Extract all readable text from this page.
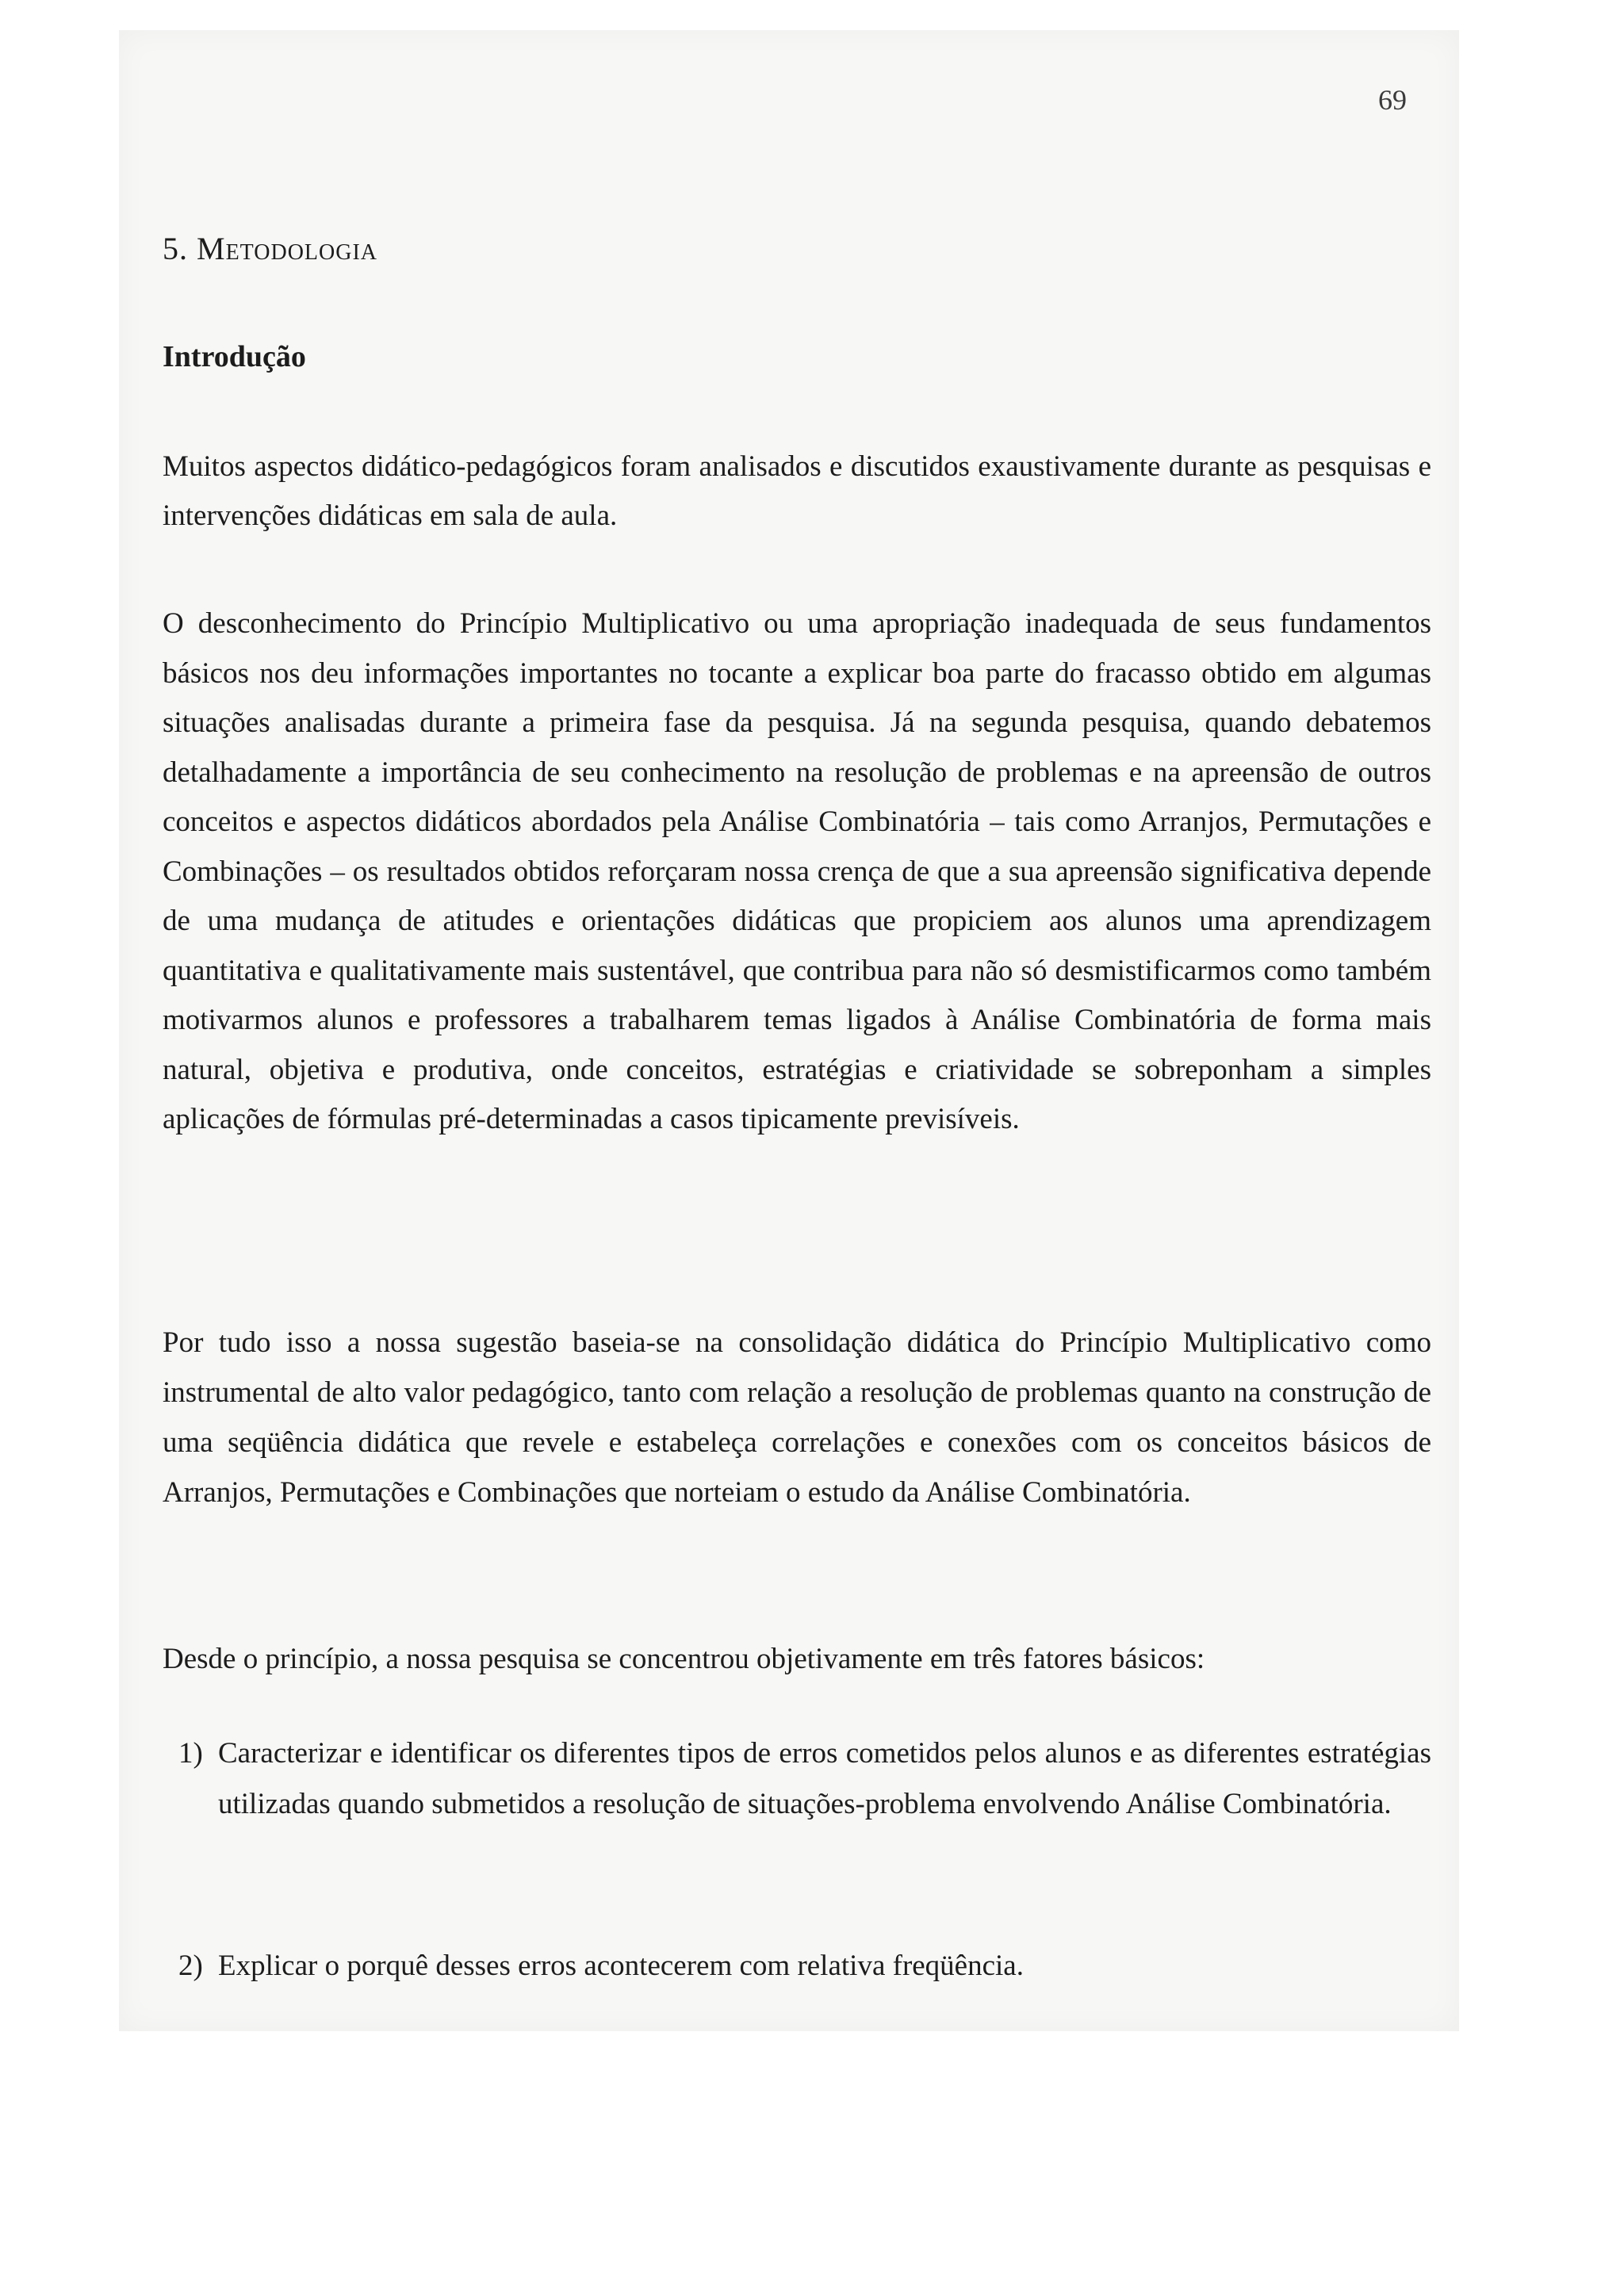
69
5. Metodologia
Introdução

Muitos aspectos didático-pedagógicos foram analisados e discutidos exaustivamente durante as pesquisas e intervenções didáticas em sala de aula.

O desconhecimento do Princípio Multiplicativo ou uma apropriação inadequada de seus fundamentos básicos nos deu informações importantes no tocante a explicar boa parte do fracasso obtido em algumas situações analisadas durante a primeira fase da pesquisa. Já na segunda pesquisa, quando debatemos detalhadamente a importância de seu conhecimento na resolução de problemas e na apreensão de outros conceitos e aspectos didáticos abordados pela Análise Combinatória – tais como Arranjos, Permutações e Combinações – os resultados obtidos reforçaram nossa crença de que a sua apreensão significativa depende de uma mudança de atitudes e orientações didáticas que propiciem aos alunos uma aprendizagem quantitativa e qualitativamente mais sustentável, que contribua para não só desmistificarmos como também motivarmos alunos e professores a trabalharem temas ligados à Análise Combinatória de forma mais natural, objetiva e produtiva, onde conceitos, estratégias e criatividade se sobreponham a simples aplicações de fórmulas pré-determinadas a casos tipicamente previsíveis.

Por tudo isso a nossa sugestão baseia-se na consolidação didática do Princípio Multiplicativo como instrumental de alto valor pedagógico, tanto com relação a resolução de problemas quanto na construção de uma seqüência didática que revele e estabeleça correlações e conexões com os conceitos básicos de Arranjos, Permutações e Combinações que norteiam o estudo da Análise Combinatória.

Desde o princípio, a nossa pesquisa se concentrou objetivamente em três fatores básicos:

1) Caracterizar e identificar os diferentes tipos de erros cometidos pelos alunos e as diferentes estratégias utilizadas quando submetidos a resolução de situações-problema envolvendo Análise Combinatória.
2) Explicar o porquê desses erros acontecerem com relativa freqüência.
